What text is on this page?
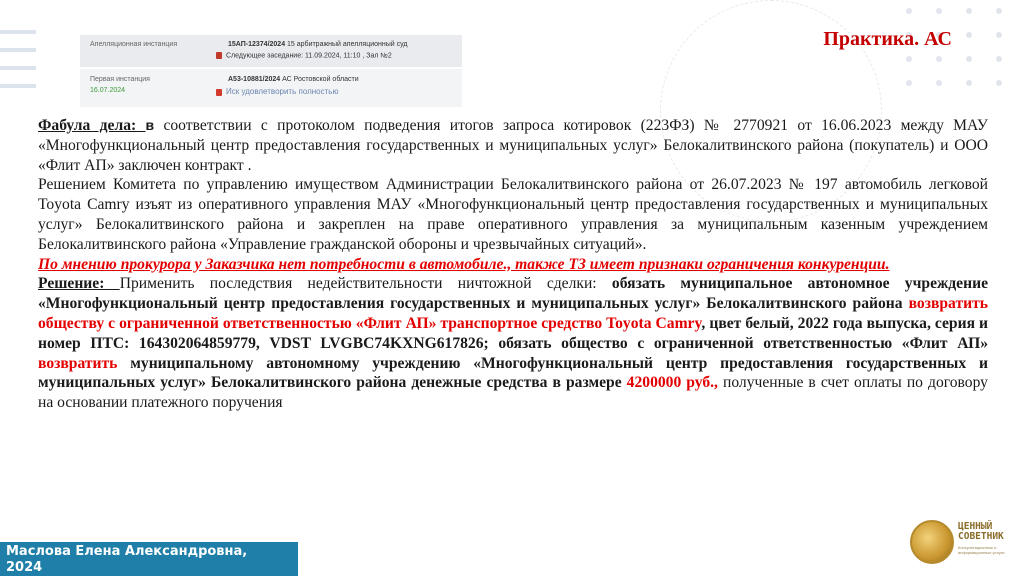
Апелляционная инстанция	15АП-12374/2024 15 арбитражный апелляционный суд
Следующее заседание: 11.09.2024, 11:10 , Зал №2
Первая инстанция
16.07.2024
А53-10881/2024 АС Ростовской области
Иск удовлетворить полностью
Практика. АС

Фабула дела: в соответствии с протоколом подведения итогов запроса котировок (223ФЗ) № 2770921 от 16.06.2023 между МАУ «Многофункциональный центр предоставления государственных и муниципальных услуг» Белокалитвинского района (покупатель) и ООО «Флит АП» заключен контракт .

Решением Комитета по управлению имуществом Администрации Белокалитвинского района от 26.07.2023 № 197 автомобиль легковой Toyota Camry изъят из оперативного управления МАУ «Многофункциональный центр предоставления государственных и муниципальных услуг» Белокалитвинского района и закреплен на праве оперативного управления за муниципальным казенным учреждением Белокалитвинского района «Управление гражданской обороны и чрезвычайных ситуаций».

По мнению прокурора у Заказчика нет потребности в автомобиле., также ТЗ имеет признаки ограничения конкуренции.

Решение: Применить последствия недействительности ничтожной сделки: обязать муниципальное автономное учреждение «Многофункциональный центр предоставления государственных и муниципальных услуг» Белокалитвинского района возвратить обществу с ограниченной ответственностью «Флит АП» транспортное средство Toyota Camry, цвет белый, 2022 года выпуска, серия и номер ПТС: 164302064859779, VDST LVGBC74KXNG617826; обязать общество с ограниченной ответственностью «Флит АП» возвратить муниципальному автономному учреждению «Многофункциональный центр предоставления государственных и муниципальных услуг» Белокалитвинского района денежные средства в размере 4200000 руб., полученные в счет оплаты по договору на основании платежного поручения

Маслова Елена Александровна,
2024
ЦЕННЫЙ
СОВЕТНИК
Консультационные и информационные услуги
